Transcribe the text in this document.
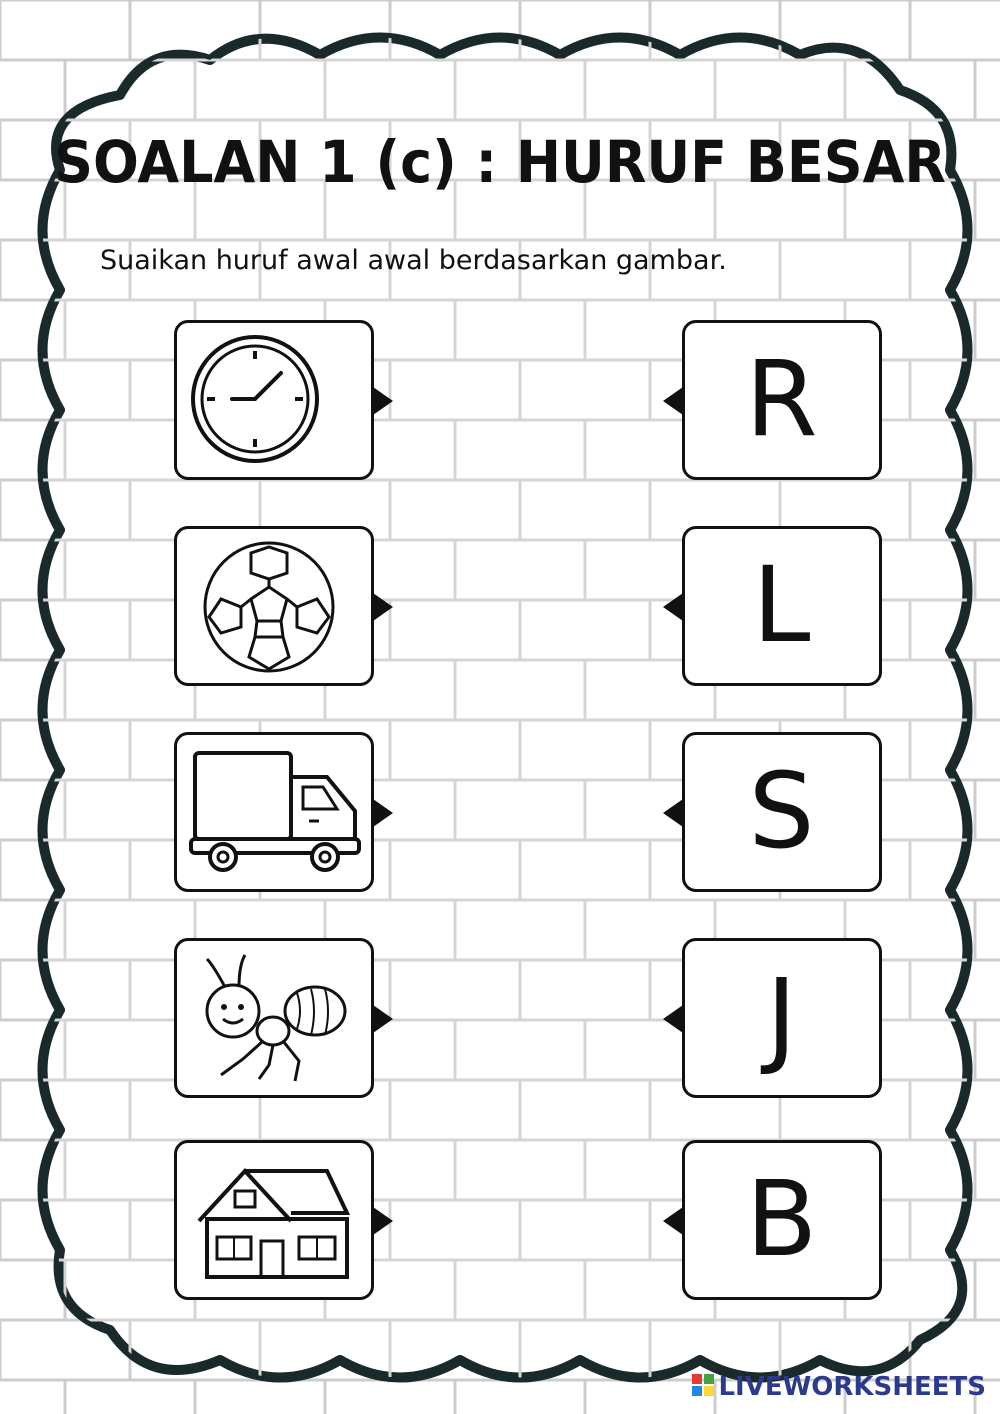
SOALAN 1 (c) : HURUF BESAR

Suaikan huruf awal awal berdasarkan gambar.

R
L
S
J
B
LIVEWORKSHEETS
